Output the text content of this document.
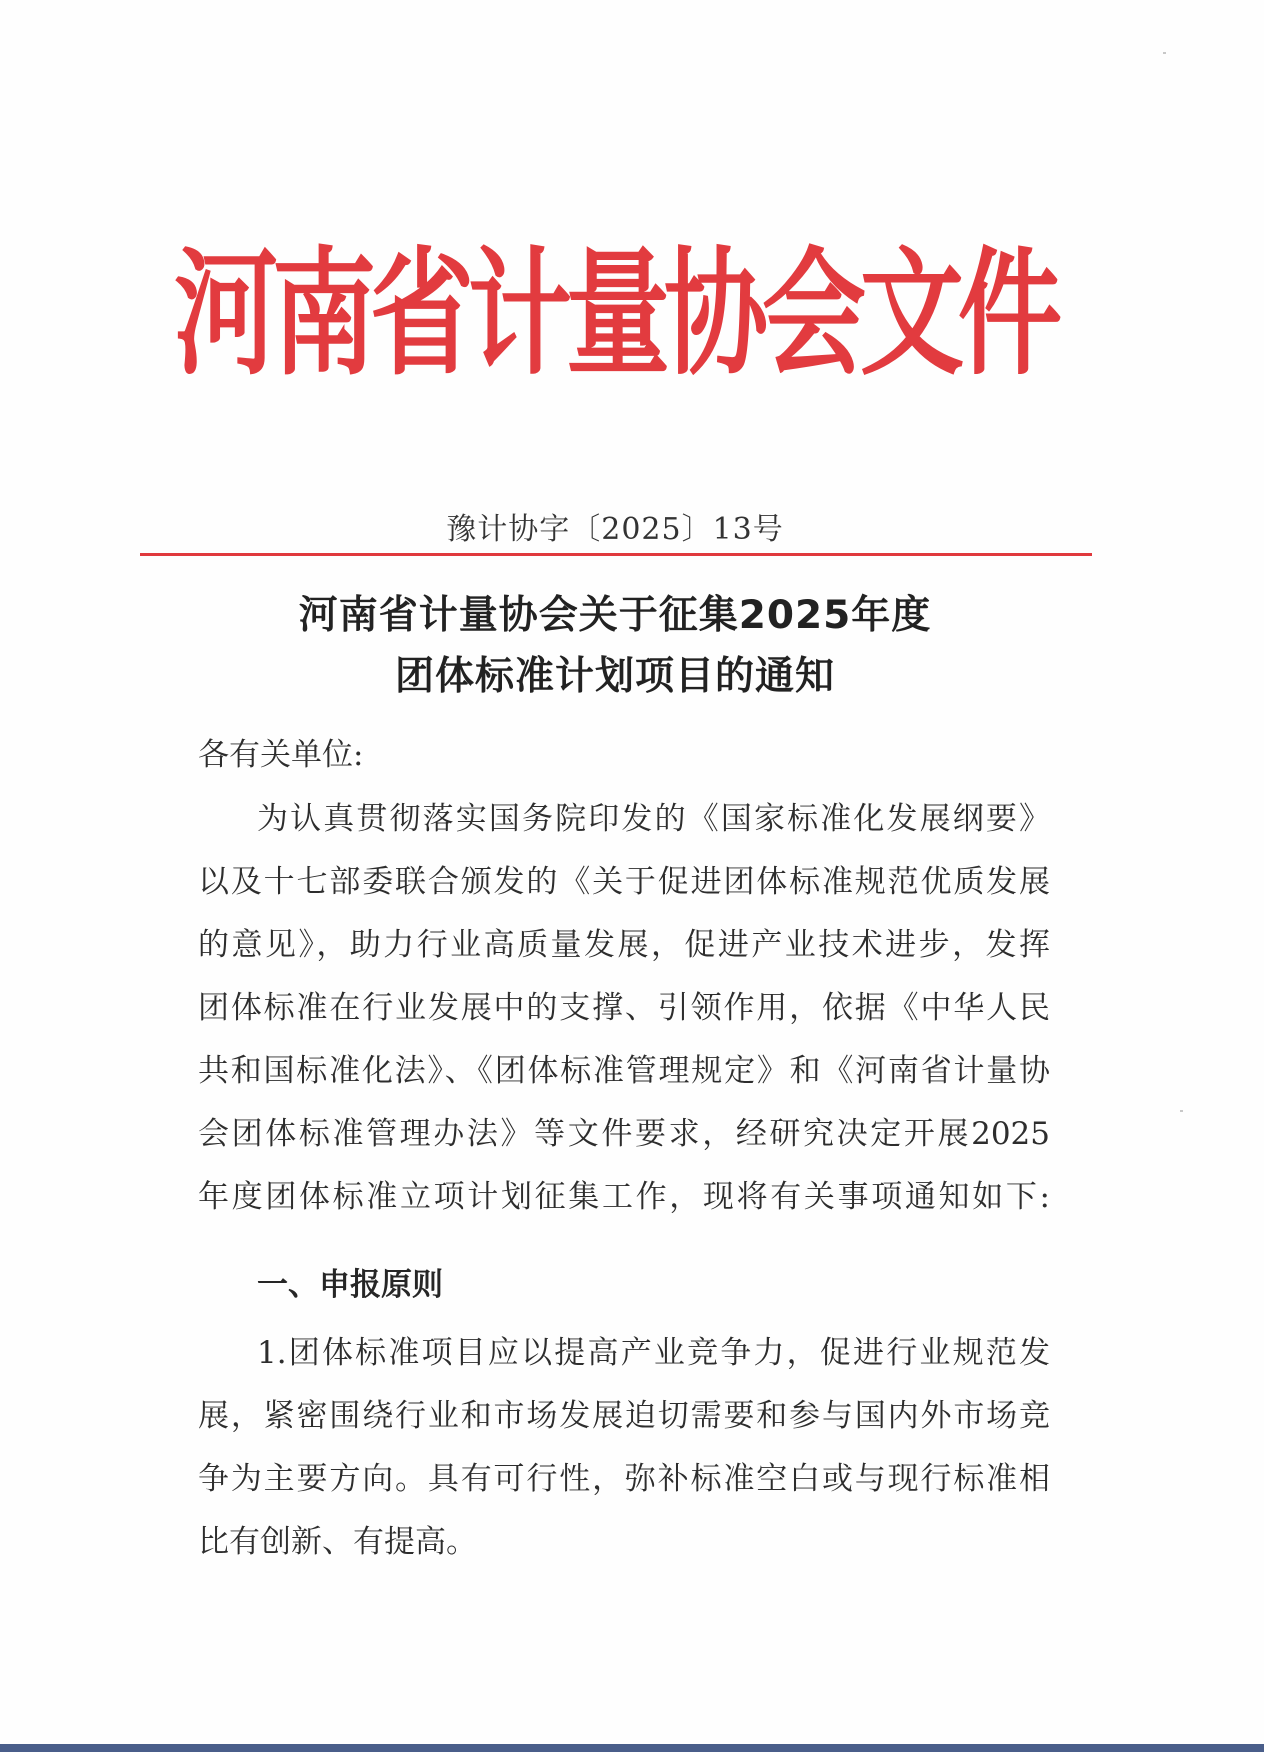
河南省计量协会文件
豫计协字〔2025〕13号
河南省计量协会关于征集2025年度
团体标准计划项目的通知
各有关单位:
为认真贯彻落实国务院印发的《国家标准化发展纲要》
以及十七部委联合颁发的《关于促进团体标准规范优质发展
的意见》，助力行业高质量发展，促进产业技术进步，发挥
团体标准在行业发展中的支撑、引领作用，依据《中华人民
共和国标准化法》、《团体标准管理规定》和《河南省计量协
会团体标准管理办法》等文件要求，经研究决定开展2025
年度团体标准立项计划征集工作，现将有关事项通知如下:
一、申报原则
1.团体标准项目应以提高产业竞争力，促进行业规范发
展，紧密围绕行业和市场发展迫切需要和参与国内外市场竞
争为主要方向。具有可行性，弥补标准空白或与现行标准相
比有创新、有提高。
